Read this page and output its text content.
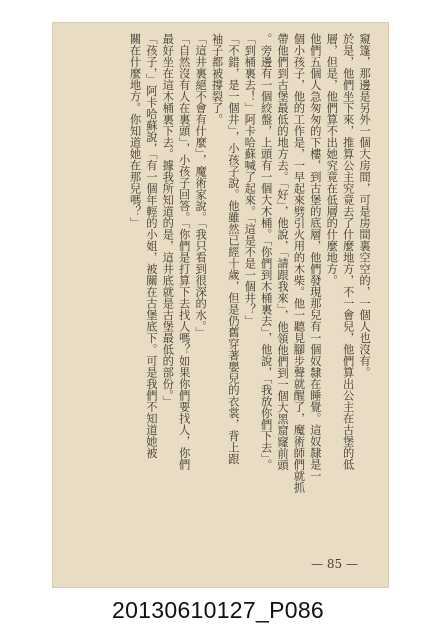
窺篷，那邊是另外一個大房間，可是房間裏空空的，一個人也沒有。
於是，他們坐下來，推算公主究竟去了什麼地方，不一會兒，他們算出公主在古堡的低
層，但是，他們算不出她究竟在低層的什麼地方。
他們五個人急匆匆的下樓，到古堡的底層，他們發現那兒有一個奴隸在睡覺。這奴隸是一
個小孩子，他的工作是，一早起來劈引火用的木柴。他一聽見腳步聲就醒了，魔術師們就抓
帶他們到古堡最低的地方去。「好」，他說，「請跟我來」，他領他們到一個大黑窟窿前頭
。旁邊有一個絞盤，上頭有一個大木桶。「你們到木桶裏去」，他說，「我放你們下去」。
「到桶裏去！」阿卡哈蘇喊了起來。「這是不是一個井？」
「不錯，是一個井」，小孩子說。他雖然已經十歲，但是仍舊穿著嬰兒的衣裳，背上跟
袖子都被撐裂了。
「這井裏絕不會有什麼」，魔術家說。「我只看到很深的水。」
「自然沒有人在裏頭」，小孩子回答。「你們是打算下去找人嗎？如果你們要找人，你們
最好坐在這木桶裏下去。據我所知道的是，這井底就是古堡最低的部份。」
「孩子，」阿卡哈蘇說，「有一個年輕的小姐，被關在古堡底下。可是我們不知道她被
關在什麼地方。你知道她在那兒嗎？」
— 85 —
20130610127_P086
